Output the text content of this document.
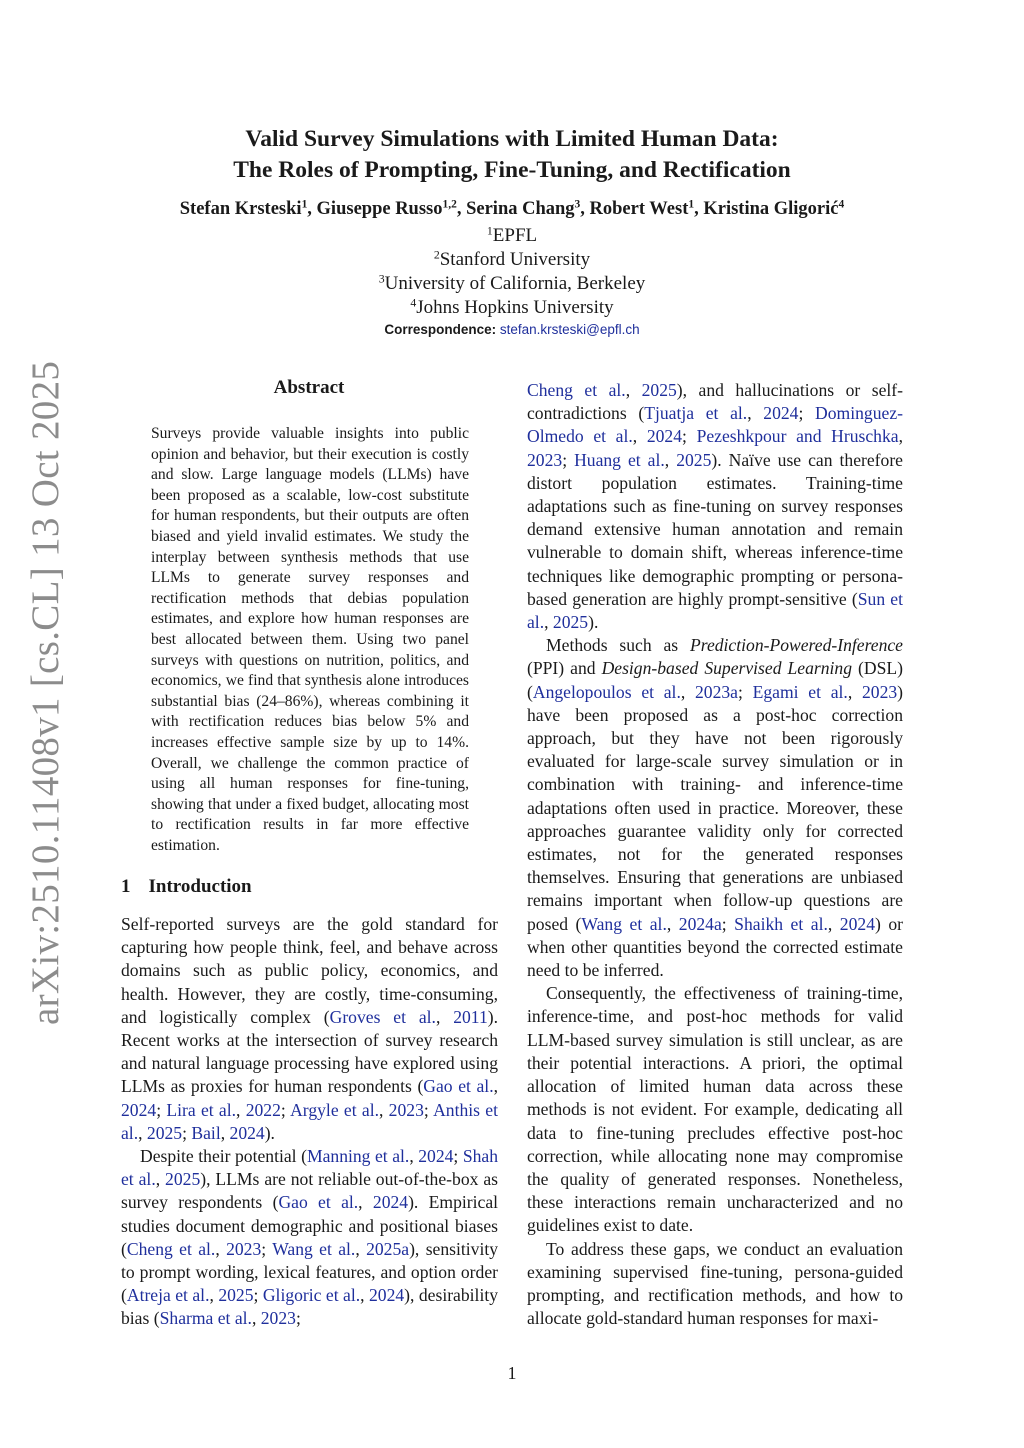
Valid Survey Simulations with Limited Human Data:
The Roles of Prompting, Fine-Tuning, and Rectification
Stefan Krsteski$^1$, Giuseppe Russo$^{1,2}$, Serina Chang$^3$, Robert West$^1$, Kristina Gligorić$^4$
$^1$EPFL
$^2$Stanford University
$^3$University of California, Berkeley
$^4$Johns Hopkins University
Correspondence: stefan.krsteski@epfl.ch
arXiv:2510.11408v1 [cs.CL] 13 Oct 2025	Abstract
Surveys provide valuable insights into public opinion and behavior, but their execution is costly and slow. Large language models (LLMs) have been proposed as a scalable, low-cost substitute for human respondents, but their outputs are often biased and yield invalid estimates. We study the interplay between synthesis methods that use LLMs to generate survey responses and rectification methods that debias population estimates, and explore how human responses are best allocated between them. Using two panel surveys with questions on nutrition, politics, and economics, we find that synthesis alone introduces substantial bias (24–86%), whereas combining it with rectification reduces bias below 5% and increases effective sample size by up to 14%. Overall, we challenge the common practice of using all human responses for fine-tuning, showing that under a fixed budget, allocating most to rectification results in far more effective estimation.
1 Introduction

Self-reported surveys are the gold standard for capturing how people think, feel, and behave across domains such as public policy, economics, and health. However, they are costly, time-consuming, and logistically complex (Groves et al., 2011). Recent works at the intersection of survey research and natural language processing have explored using LLMs as proxies for human respondents (Gao et al., 2024; Lira et al., 2022; Argyle et al., 2023; Anthis et al., 2025; Bail, 2024).

Despite their potential (Manning et al., 2024; Shah et al., 2025), LLMs are not reliable out-of-the-box as survey respondents (Gao et al., 2024). Empirical studies document demographic and positional biases (Cheng et al., 2023; Wang et al., 2025a), sensitivity to prompt wording, lexical features, and option order (Atreja et al., 2025; Gligoric et al., 2024), desirability bias (Sharma et al., 2023;

Cheng et al., 2025), and hallucinations or self-contradictions (Tjuatja et al., 2024; Dominguez-Olmedo et al., 2024; Pezeshkpour and Hruschka, 2023; Huang et al., 2025). Naïve use can therefore distort population estimates. Training-time adaptations such as fine-tuning on survey responses demand extensive human annotation and remain vulnerable to domain shift, whereas inference-time techniques like demographic prompting or persona-based generation are highly prompt-sensitive (Sun et al., 2025).

Methods such as Prediction-Powered-Inference (PPI) and Design-based Supervised Learning (DSL) (Angelopoulos et al., 2023a; Egami et al., 2023) have been proposed as a post-hoc correction approach, but they have not been rigorously evaluated for large-scale survey simulation or in combination with training- and inference-time adaptations often used in practice. Moreover, these approaches guarantee validity only for corrected estimates, not for the generated responses themselves. Ensuring that generations are unbiased remains important when follow-up questions are posed (Wang et al., 2024a; Shaikh et al., 2024) or when other quantities beyond the corrected estimate need to be inferred.

Consequently, the effectiveness of training-time, inference-time, and post-hoc methods for valid LLM-based survey simulation is still unclear, as are their potential interactions. A priori, the optimal allocation of limited human data across these methods is not evident. For example, dedicating all data to fine-tuning precludes effective post-hoc correction, while allocating none may compromise the quality of generated responses. Nonetheless, these interactions remain uncharacterized and no guidelines exist to date.

To address these gaps, we conduct an evaluation examining supervised fine-tuning, persona-guided prompting, and rectification methods, and how to allocate gold-standard human responses for maxi-

1
